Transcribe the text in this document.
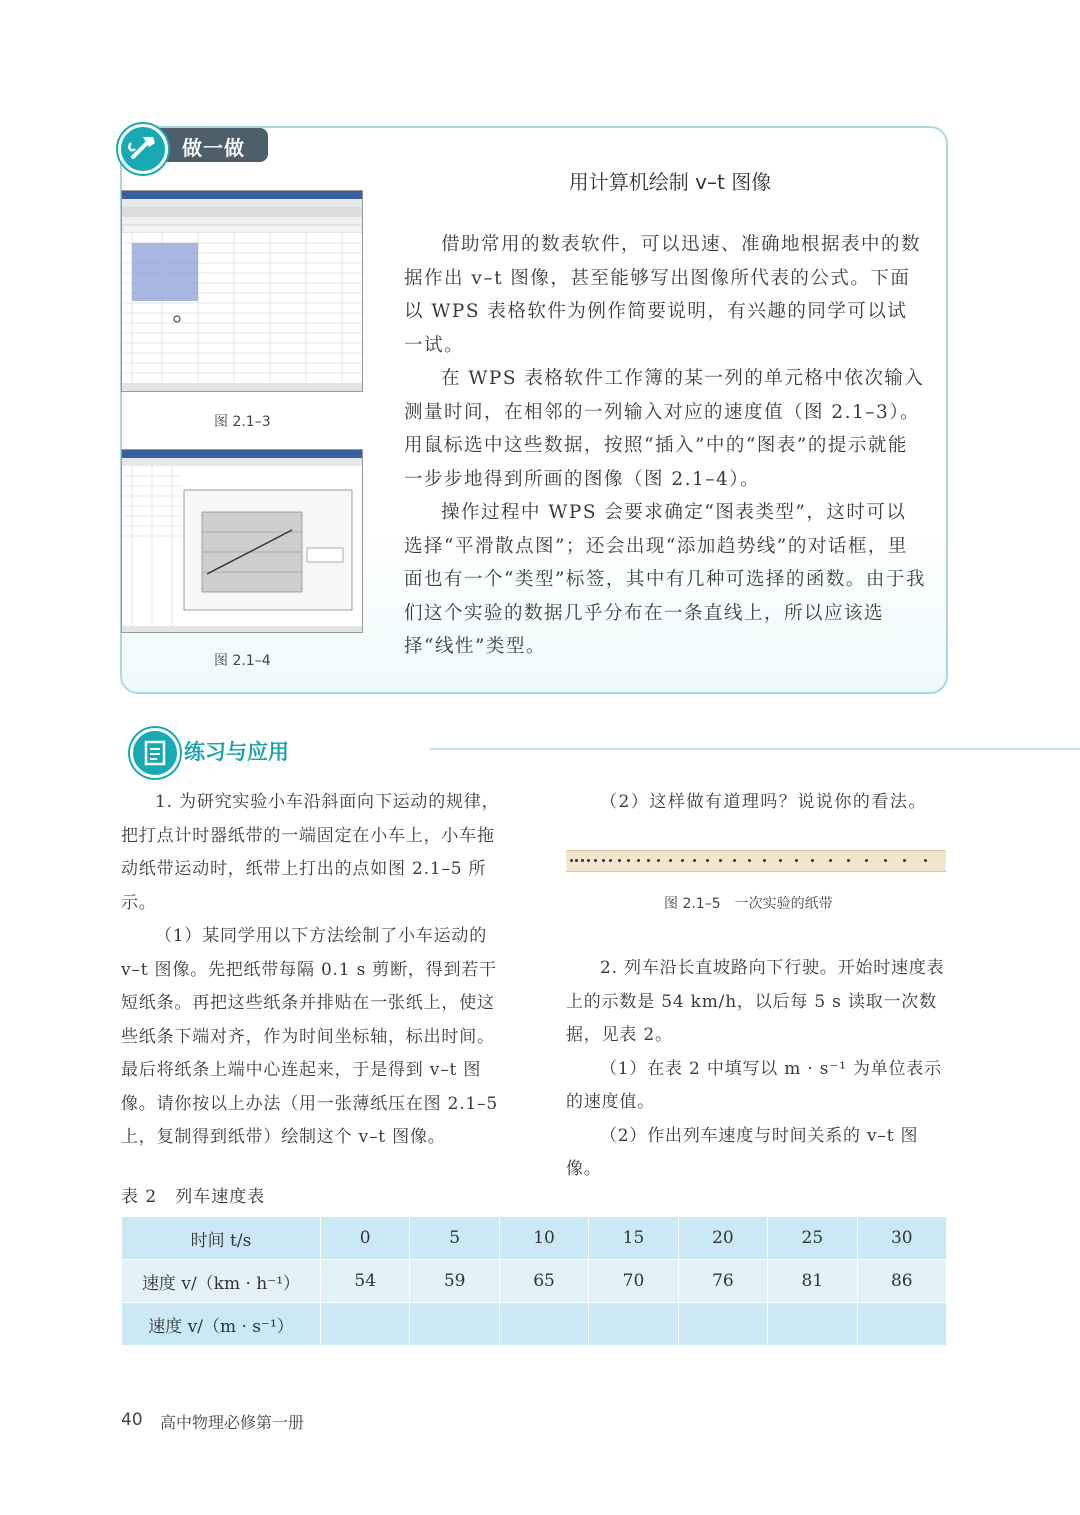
做一做
用计算机绘制 v–t 图像

借助常用的数表软件，可以迅速、准确地根据表中的数据作出 v–t 图像，甚至能够写出图像所代表的公式。下面以 WPS 表格软件为例作简要说明，有兴趣的同学可以试一试。

在 WPS 表格软件工作簿的某一列的单元格中依次输入测量时间，在相邻的一列输入对应的速度值（图 2.1–3）。用鼠标选中这些数据，按照“插入”中的“图表”的提示就能一步步地得到所画的图像（图 2.1–4）。

操作过程中 WPS 会要求确定“图表类型”，这时可以选择“平滑散点图”；还会出现“添加趋势线”的对话框，里面也有一个“类型”标签，其中有几种可选择的函数。由于我们这个实验的数据几乎分布在一条直线上，所以应该选择“线性”类型。

图 2.1–3
图 2.1–4
练习与应用

1. 为研究实验小车沿斜面向下运动的规律，把打点计时器纸带的一端固定在小车上，小车拖动纸带运动时，纸带上打出的点如图 2.1–5 所示。

（1）某同学用以下方法绘制了小车运动的 v–t 图像。先把纸带每隔 0.1 s 剪断，得到若干短纸条。再把这些纸条并排贴在一张纸上，使这些纸条下端对齐，作为时间坐标轴，标出时间。最后将纸条上端中心连起来，于是得到 v–t 图像。请你按以上办法（用一张薄纸压在图 2.1–5 上，复制得到纸带）绘制这个 v–t 图像。

（2）这样做有道理吗？说说你的看法。

图 2.1–5　一次实验的纸带

2. 列车沿长直坡路向下行驶。开始时速度表上的示数是 54 km/h，以后每 5 s 读取一次数据，见表 2。

（1）在表 2 中填写以 m · s⁻¹ 为单位表示的速度值。

（2）作出列车速度与时间关系的 v–t 图像。

表 2　列车速度表
时间 t/s	0	5	10	15	20	25	30
速度 v/（km · h⁻¹）	54	59	65	70	76	81	86
速度 v/（m · s⁻¹）							
40 高中物理必修第一册
